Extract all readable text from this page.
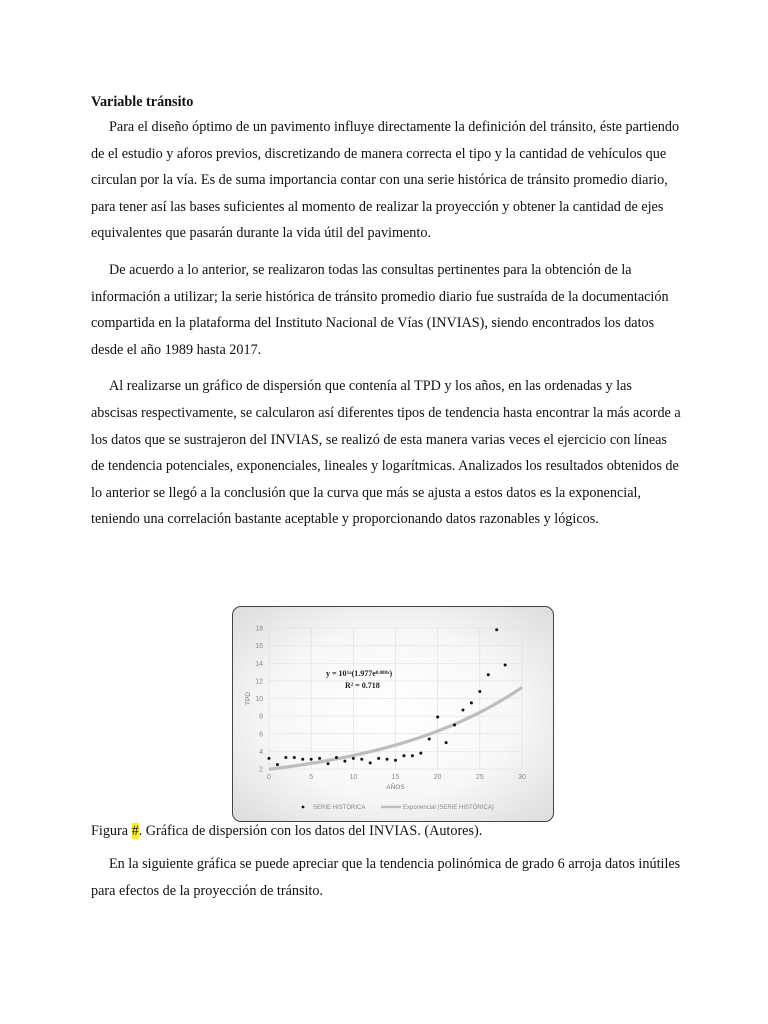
Variable tránsito

Para el diseño óptimo de un pavimento influye directamente la definición del tránsito, éste partiendo de el estudio y aforos previos, discretizando de manera correcta el tipo y la cantidad de vehículos que circulan por la vía. Es de suma importancia contar con una serie histórica de tránsito promedio diario, para tener así las bases suficientes al momento de realizar la proyección y obtener la cantidad de ejes equivalentes que pasarán durante la vida útil del pavimento.

De acuerdo a lo anterior, se realizaron todas las consultas pertinentes para la obtención de la información a utilizar; la serie histórica de tránsito promedio diario fue sustraída de la documentación compartida en la plataforma del Instituto Nacional de Vías (INVIAS), siendo encontrados los datos desde el año 1989 hasta 2017.

Al realizarse un gráfico de dispersión que contenía al TPD y los años, en las ordenadas y las abscisas respectivamente, se calcularon así diferentes tipos de tendencia hasta encontrar la más acorde a los datos que se sustrajeron del INVIAS, se realizó de esta manera varias veces el ejercicio con líneas de tendencia potenciales, exponenciales, lineales y logarítmicas. Analizados los resultados obtenidos de lo anterior se llegó a la conclusión que la curva que más se ajusta a estos datos es la exponencial, teniendo una correlación bastante aceptable y proporcionando datos razonables y lógicos.

2
4
6
8
10
12
14
16
18
0	5	10	15	20	25	30
AÑOS
TPD
$y = 10^{1a}(1.977e^{0.088x})$
R² = 0.718
SERIE HISTÓRICA	Exponencial (SERIE HISTÓRICA)
Figura #. Gráfica de dispersión con los datos del INVIAS. (Autores).

En la siguiente gráfica se puede apreciar que la tendencia polinómica de grado 6 arroja datos inútiles para efectos de la proyección de tránsito.
